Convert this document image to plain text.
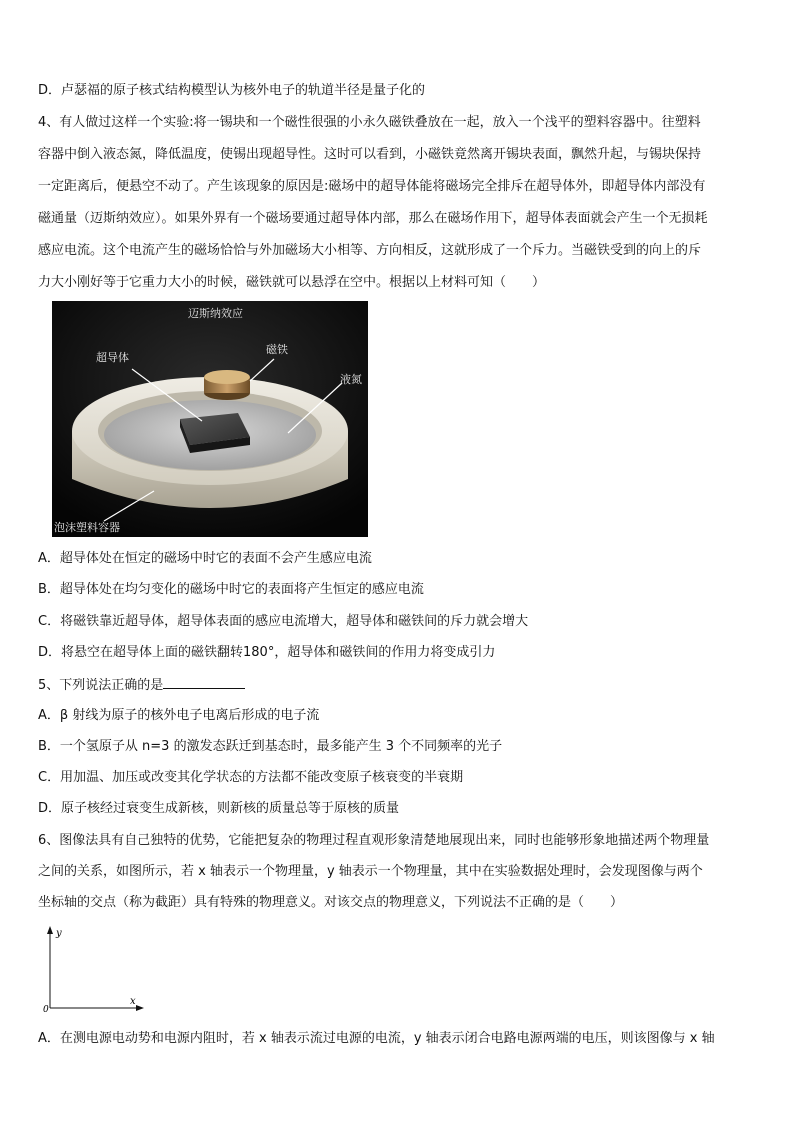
D．卢瑟福的原子核式结构模型认为核外电子的轨道半径是量子化的
4、有人做过这样一个实验:将一锡块和一个磁性很强的小永久磁铁叠放在一起，放入一个浅平的塑料容器中。往塑料
容器中倒入液态氮，降低温度，使锡出现超导性。这时可以看到，小磁铁竟然离开锡块表面，飘然升起，与锡块保持
一定距离后，便悬空不动了。产生该现象的原因是:磁场中的超导体能将磁场完全排斥在超导体外，即超导体内部没有
磁通量（迈斯纳效应）。如果外界有一个磁场要通过超导体内部，那么在磁场作用下，超导体表面就会产生一个无损耗
感应电流。这个电流产生的磁场恰恰与外加磁场大小相等、方向相反，这就形成了一个斥力。当磁铁受到的向上的斥
力大小刚好等于它重力大小的时候，磁铁就可以悬浮在空中。根据以上材料可知（　　）
迈斯纳效应
超导体
磁铁
液氮
泡沫塑料容器
A．超导体处在恒定的磁场中时它的表面不会产生感应电流
B．超导体处在均匀变化的磁场中时它的表面将产生恒定的感应电流
C．将磁铁靠近超导体，超导体表面的感应电流增大，超导体和磁铁间的斥力就会增大
D．将悬空在超导体上面的磁铁翻转180°，超导体和磁铁间的作用力将变成引力
5、下列说法正确的是
A．β 射线为原子的核外电子电离后形成的电子流
B．一个氢原子从 n=3 的激发态跃迁到基态时，最多能产生 3 个不同频率的光子
C．用加温、加压或改变其化学状态的方法都不能改变原子核衰变的半衰期
D．原子核经过衰变生成新核，则新核的质量总等于原核的质量
6、图像法具有自己独特的优势，它能把复杂的物理过程直观形象清楚地展现出来，同时也能够形象地描述两个物理量
之间的关系，如图所示，若 x 轴表示一个物理量，y 轴表示一个物理量，其中在实验数据处理时，会发现图像与两个
坐标轴的交点（称为截距）具有特殊的物理意义。对该交点的物理意义，下列说法不正确的是（　　）
y
x
0
A．在测电源电动势和电源内阻时，若 x 轴表示流过电源的电流，y 轴表示闭合电路电源两端的电压，则该图像与 x 轴
